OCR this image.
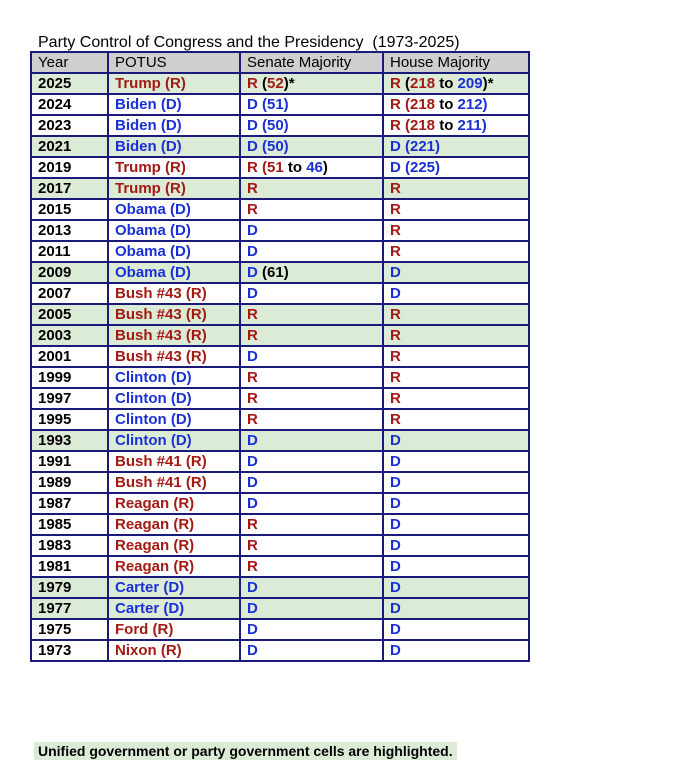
Party Control of Congress and the Presidency  (1973-2025)
Year	POTUS	Senate Majority	House Majority
2025	Trump (R)	R (52)*	R (218 to 209)*
2024	Biden (D)	D (51)	R (218 to 212)
2023	Biden (D)	D (50)	R (218 to 211)
2021	Biden (D)	D (50)	D (221)
2019	Trump (R)	R (51 to 46)	D (225)
2017	Trump (R)	R	R
2015	Obama (D)	R	R
2013	Obama (D)	D	R
2011	Obama (D)	D	R
2009	Obama (D)	D (61)	D
2007	Bush #43 (R)	D	D
2005	Bush #43 (R)	R	R
2003	Bush #43 (R)	R	R
2001	Bush #43 (R)	D	R
1999	Clinton (D)	R	R
1997	Clinton (D)	R	R
1995	Clinton (D)	R	R
1993	Clinton (D)	D	D
1991	Bush #41 (R)	D	D
1989	Bush #41 (R)	D	D
1987	Reagan (R)	D	D
1985	Reagan (R)	R	D
1983	Reagan (R)	R	D
1981	Reagan (R)	R	D
1979	Carter (D)	D	D
1977	Carter (D)	D	D
1975	Ford (R)	D	D
1973	Nixon (R)	D	D

Unified government or party government cells are highlighted.
